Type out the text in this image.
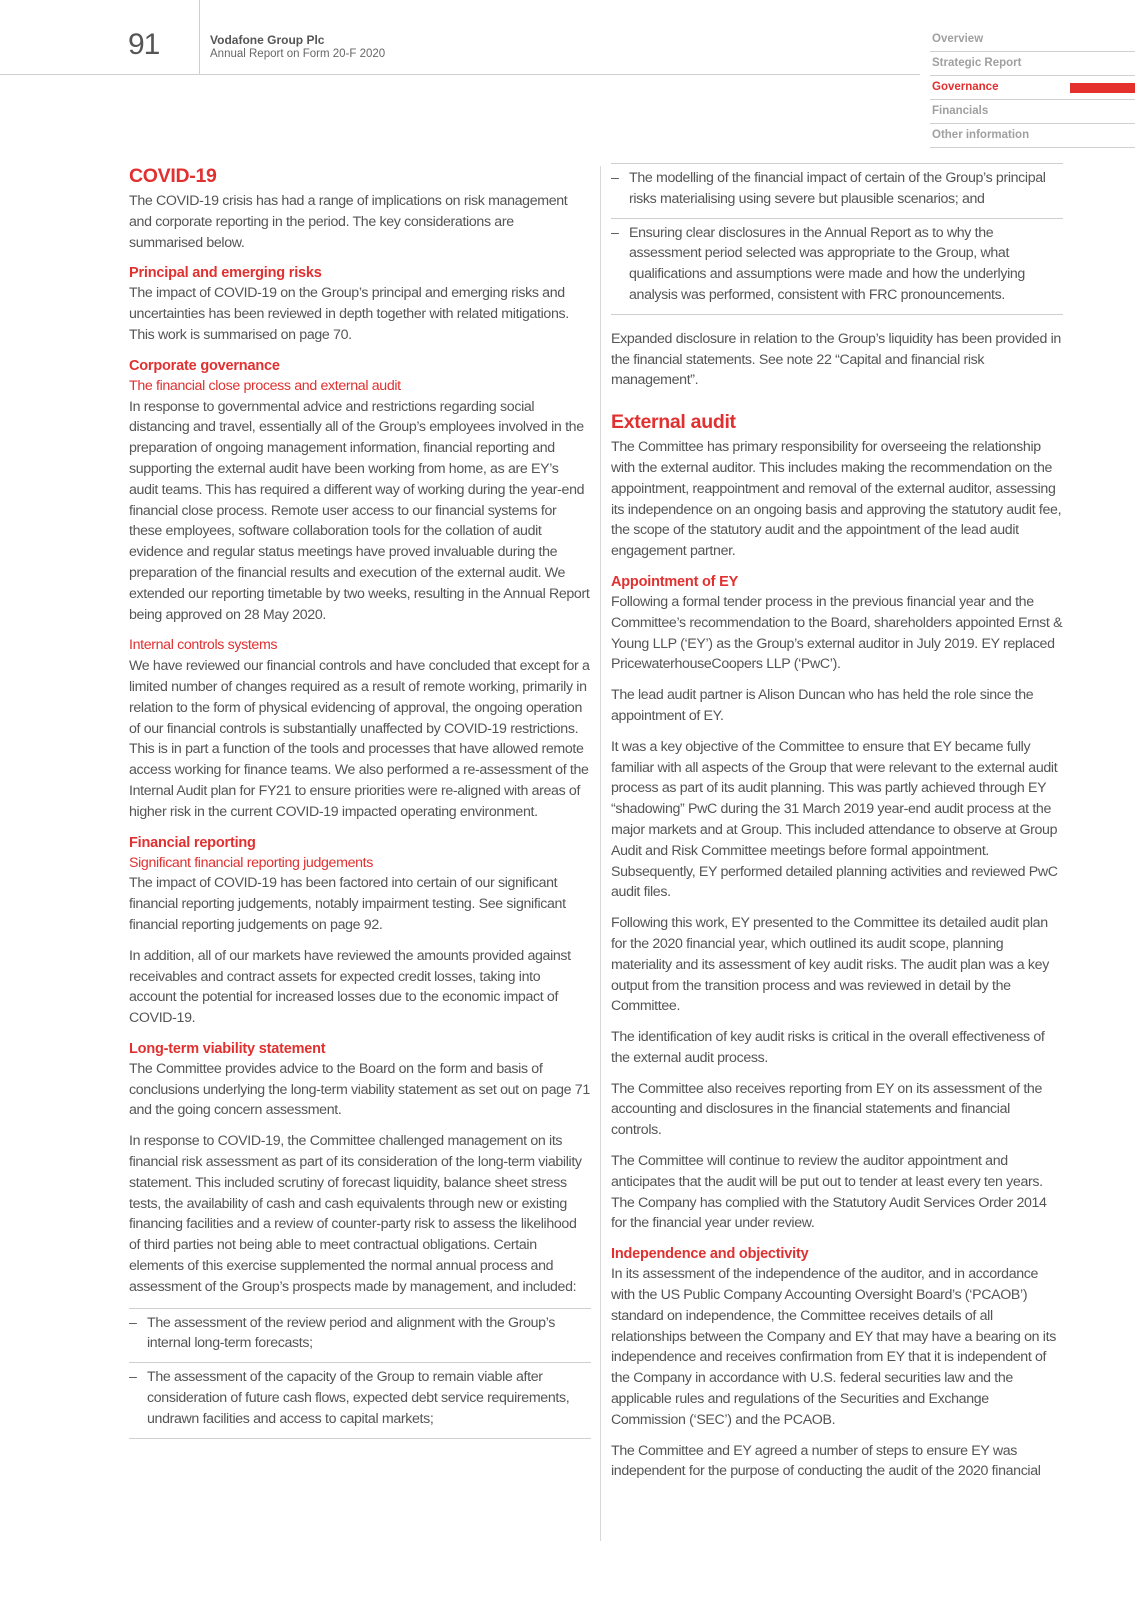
91	Vodafone Group Plc
Annual Report on Form 20-F 2020
Overview
Strategic Report
Governance
Financials
Other information
COVID-19

The COVID-19 crisis has had a range of implications on risk management and corporate reporting in the period. The key considerations are summarised below.

Principal and emerging risks

The impact of COVID-19 on the Group’s principal and emerging risks and uncertainties has been reviewed in depth together with related mitigations. This work is summarised on page 70.

Corporate governance
The financial close process and external audit

In response to governmental advice and restrictions regarding social distancing and travel, essentially all of the Group’s employees involved in the preparation of ongoing management information, financial reporting and supporting the external audit have been working from home, as are EY’s audit teams. This has required a different way of working during the year-end financial close process. Remote user access to our financial systems for these employees, software collaboration tools for the collation of audit evidence and regular status meetings have proved invaluable during the preparation of the financial results and execution of the external audit. We extended our reporting timetable by two weeks, resulting in the Annual Report being approved on 28 May 2020.

Internal controls systems

We have reviewed our financial controls and have concluded that except for a limited number of changes required as a result of remote working, primarily in relation to the form of physical evidencing of approval, the ongoing operation of our financial controls is substantially unaffected by COVID-19 restrictions. This is in part a function of the tools and processes that have allowed remote access working for finance teams. We also performed a re-assessment of the Internal Audit plan for FY21 to ensure priorities were re-aligned with areas of higher risk in the current COVID-19 impacted operating environment.

Financial reporting
Significant financial reporting judgements

The impact of COVID-19 has been factored into certain of our significant financial reporting judgements, notably impairment testing. See significant financial reporting judgements on page 92.

In addition, all of our markets have reviewed the amounts provided against receivables and contract assets for expected credit losses, taking into account the potential for increased losses due to the economic impact of COVID-19.

Long-term viability statement

The Committee provides advice to the Board on the form and basis of conclusions underlying the long-term viability statement as set out on page 71 and the going concern assessment.

In response to COVID-19, the Committee challenged management on its financial risk assessment as part of its consideration of the long-term viability statement. This included scrutiny of forecast liquidity, balance sheet stress tests, the availability of cash and cash equivalents through new or existing financing facilities and a review of counter-party risk to assess the likelihood of third parties not being able to meet contractual obligations. Certain elements of this exercise supplemented the normal annual process and assessment of the Group’s prospects made by management, and included:

– The assessment of the review period and alignment with the Group’s internal long-term forecasts;
– The assessment of the capacity of the Group to remain viable after consideration of future cash flows, expected debt service requirements, undrawn facilities and access to capital markets;
– The modelling of the financial impact of certain of the Group’s principal risks materialising using severe but plausible scenarios; and
– Ensuring clear disclosures in the Annual Report as to why the assessment period selected was appropriate to the Group, what qualifications and assumptions were made and how the underlying analysis was performed, consistent with FRC pronouncements.

Expanded disclosure in relation to the Group’s liquidity has been provided in the financial statements. See note 22 “Capital and financial risk management”.

External audit

The Committee has primary responsibility for overseeing the relationship with the external auditor. This includes making the recommendation on the appointment, reappointment and removal of the external auditor, assessing its independence on an ongoing basis and approving the statutory audit fee, the scope of the statutory audit and the appointment of the lead audit engagement partner.

Appointment of EY

Following a formal tender process in the previous financial year and the Committee’s recommendation to the Board, shareholders appointed Ernst & Young LLP (‘EY’) as the Group’s external auditor in July 2019. EY replaced PricewaterhouseCoopers LLP (‘PwC’).

The lead audit partner is Alison Duncan who has held the role since the appointment of EY.

It was a key objective of the Committee to ensure that EY became fully familiar with all aspects of the Group that were relevant to the external audit process as part of its audit planning. This was partly achieved through EY “shadowing” PwC during the 31 March 2019 year-end audit process at the major markets and at Group. This included attendance to observe at Group Audit and Risk Committee meetings before formal appointment. Subsequently, EY performed detailed planning activities and reviewed PwC audit files.

Following this work, EY presented to the Committee its detailed audit plan for the 2020 financial year, which outlined its audit scope, planning materiality and its assessment of key audit risks. The audit plan was a key output from the transition process and was reviewed in detail by the Committee.

The identification of key audit risks is critical in the overall effectiveness of the external audit process.

The Committee also receives reporting from EY on its assessment of the accounting and disclosures in the financial statements and financial controls.

The Committee will continue to review the auditor appointment and anticipates that the audit will be put out to tender at least every ten years. The Company has complied with the Statutory Audit Services Order 2014 for the financial year under review.

Independence and objectivity

In its assessment of the independence of the auditor, and in accordance with the US Public Company Accounting Oversight Board’s (‘PCAOB’) standard on independence, the Committee receives details of all relationships between the Company and EY that may have a bearing on its independence and receives confirmation from EY that it is independent of the Company in accordance with U.S. federal securities law and the applicable rules and regulations of the Securities and Exchange Commission (‘SEC’) and the PCAOB.

The Committee and EY agreed a number of steps to ensure EY was independent for the purpose of conducting the audit of the 2020 financial
